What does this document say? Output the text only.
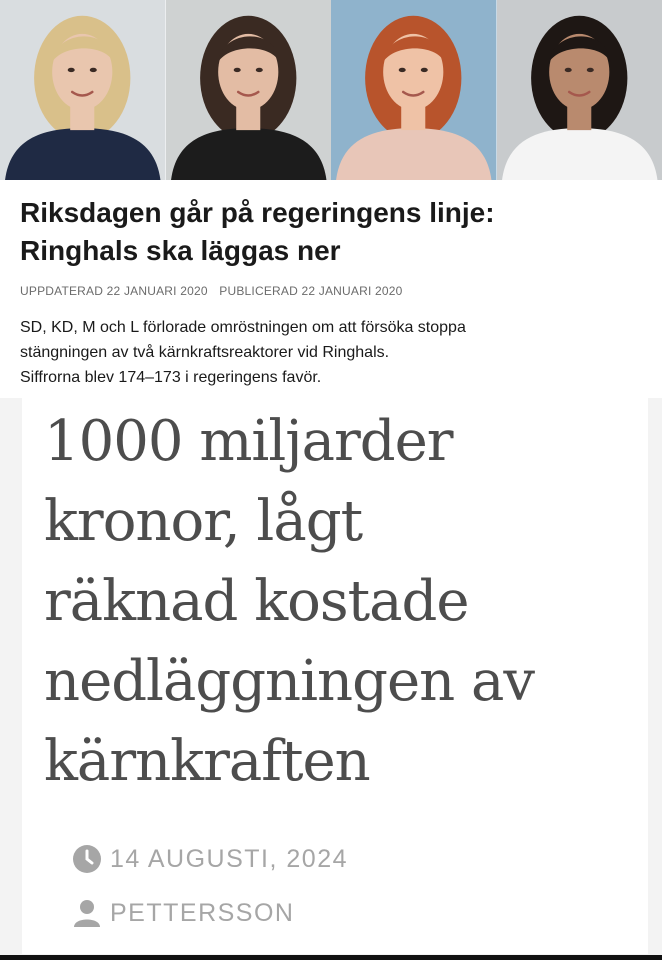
Riksdagen går på regeringens linje:
Ringhals ska läggas ner
UPPDATERAD 22 JANUARI 2020 PUBLICERAD 22 JANUARI 2020

SD, KD, M och L förlorade omröstningen om att försöka stoppa
stängningen av två kärnkraftsreaktorer vid Ringhals.
Siffrorna blev 174–173 i regeringens favör.

1000 miljarder
kronor, lågt
räknad kostade
nedläggningen av
kärnkraften
14 AUGUSTI, 2024
PETTERSSON
